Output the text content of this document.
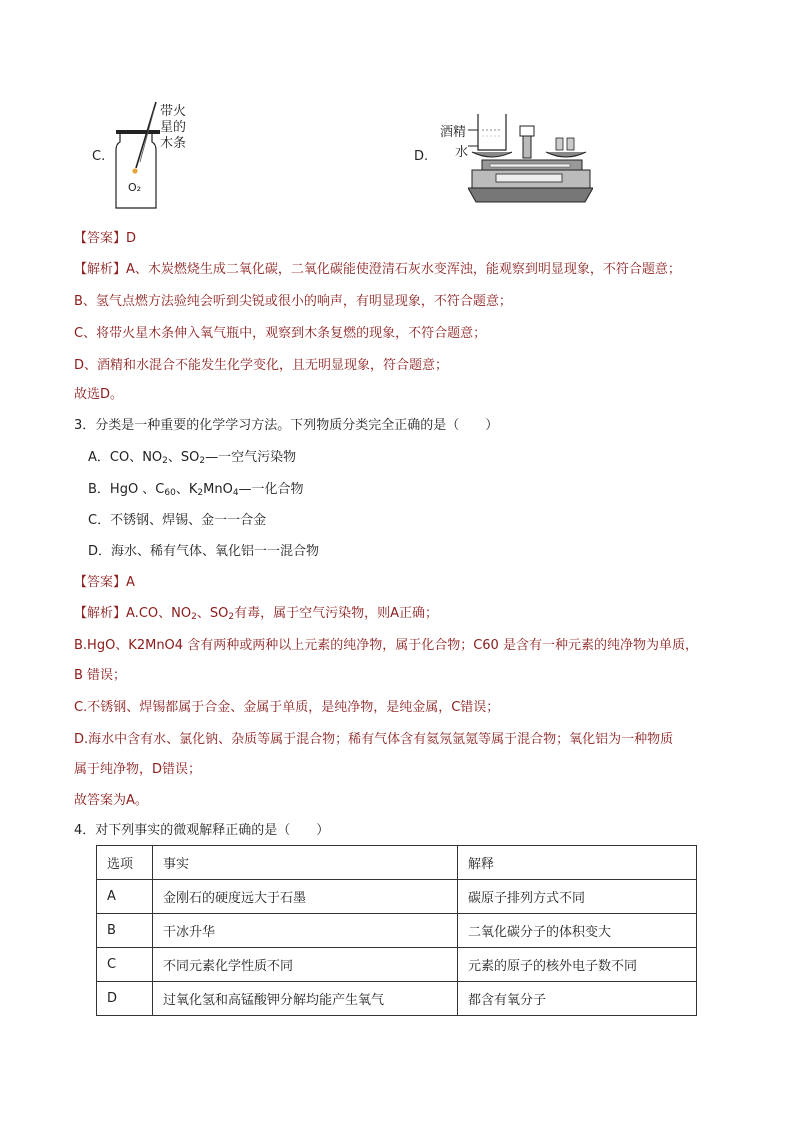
C.
O₂
带火
星的
木条
D.
酒精
水
【答案】D
【解析】A、木炭燃烧生成二氧化碳，二氧化碳能使澄清石灰水变浑浊，能观察到明显现象，不符合题意；
B、氢气点燃方法验纯会听到尖锐或很小的响声，有明显现象，不符合题意；
C、将带火星木条伸入氧气瓶中，观察到木条复燃的现象，不符合题意；
D、酒精和水混合不能发生化学变化，且无明显现象，符合题意；
故选D。
3．分类是一种重要的化学学习方法。下列物质分类完全正确的是（　　）
A．CO、$NO_2$、$SO_2—$一空气污染物
B．HgO 、$C_{60}$、$K_2MnO_4—$一化合物
C．不锈钢、焊锡、金一一合金
D．海水、稀有气体、氧化铝一一混合物
【答案】A
【解析】A.CO、$NO_2$、$SO_2$有毒，属于空气污染物，则A正确；
B.HgO、K2MnO4 含有两种或两种以上元素的纯净物，属于化合物；C60 是含有一种元素的纯净物为单质，
B 错误；
C.不锈钢、焊锡都属于合金、金属于单质，是纯净物，是纯金属，C错误；
D.海水中含有水、氯化钠、杂质等属于混合物；稀有气体含有氦氖氩氪等属于混合物；氧化铝为一种物质
属于纯净物，D错误；
故答案为A。
4．对下列事实的微观解释正确的是（　　）
选项	事实	解释
A	金刚石的硬度远大于石墨	碳原子排列方式不同
B	干冰升华	二氧化碳分子的体积变大
C	不同元素化学性质不同	元素的原子的核外电子数不同
D	过氧化氢和高锰酸钾分解均能产生氧气	都含有氧分子
